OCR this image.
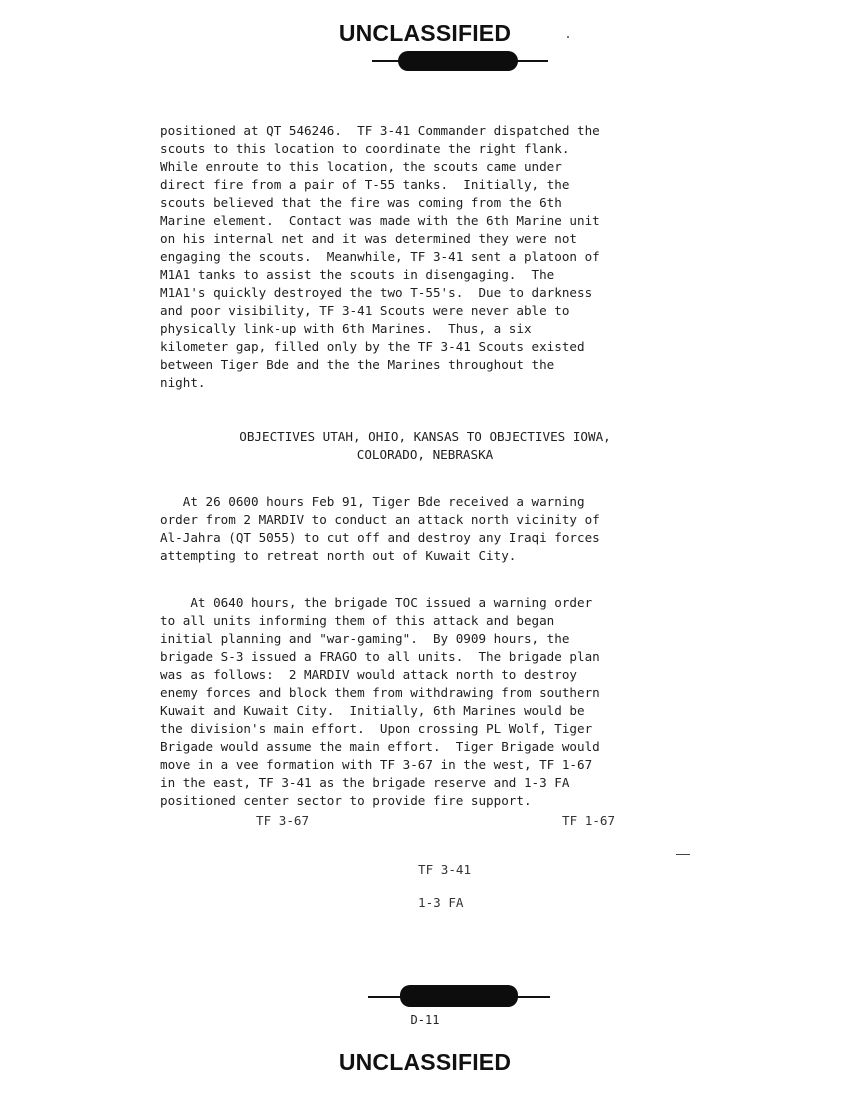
UNCLASSIFIED
positioned at QT 546246.  TF 3-41 Commander dispatched the
scouts to this location to coordinate the right flank.
While enroute to this location, the scouts came under
direct fire from a pair of T-55 tanks.  Initially, the
scouts believed that the fire was coming from the 6th
Marine element.  Contact was made with the 6th Marine unit
on his internal net and it was determined they were not
engaging the scouts.  Meanwhile, TF 3-41 sent a platoon of
M1A1 tanks to assist the scouts in disengaging.  The
M1A1's quickly destroyed the two T-55's.  Due to darkness
and poor visibility, TF 3-41 Scouts were never able to
physically link-up with 6th Marines.  Thus, a six
kilometer gap, filled only by the TF 3-41 Scouts existed
between Tiger Bde and the the Marines throughout the
night.
OBJECTIVES UTAH, OHIO, KANSAS TO OBJECTIVES IOWA,
COLORADO, NEBRASKA
At 26 0600 hours Feb 91, Tiger Bde received a warning
order from 2 MARDIV to conduct an attack north vicinity of
Al-Jahra (QT 5055) to cut off and destroy any Iraqi forces
attempting to retreat north out of Kuwait City.
At 0640 hours, the brigade TOC issued a warning order
to all units informing them of this attack and began
initial planning and "war-gaming".  By 0909 hours, the
brigade S-3 issued a FRAGO to all units.  The brigade plan
was as follows:  2 MARDIV would attack north to destroy
enemy forces and block them from withdrawing from southern
Kuwait and Kuwait City.  Initially, 6th Marines would be
the division's main effort.  Upon crossing PL Wolf, Tiger
Brigade would assume the main effort.  Tiger Brigade would
move in a vee formation with TF 3-67 in the west, TF 1-67
in the east, TF 3-41 as the brigade reserve and 1-3 FA
positioned center sector to provide fire support.
TF 3-67	TF 1-67
TF 3-41
1-3 FA
D-11
UNCLASSIFIED
